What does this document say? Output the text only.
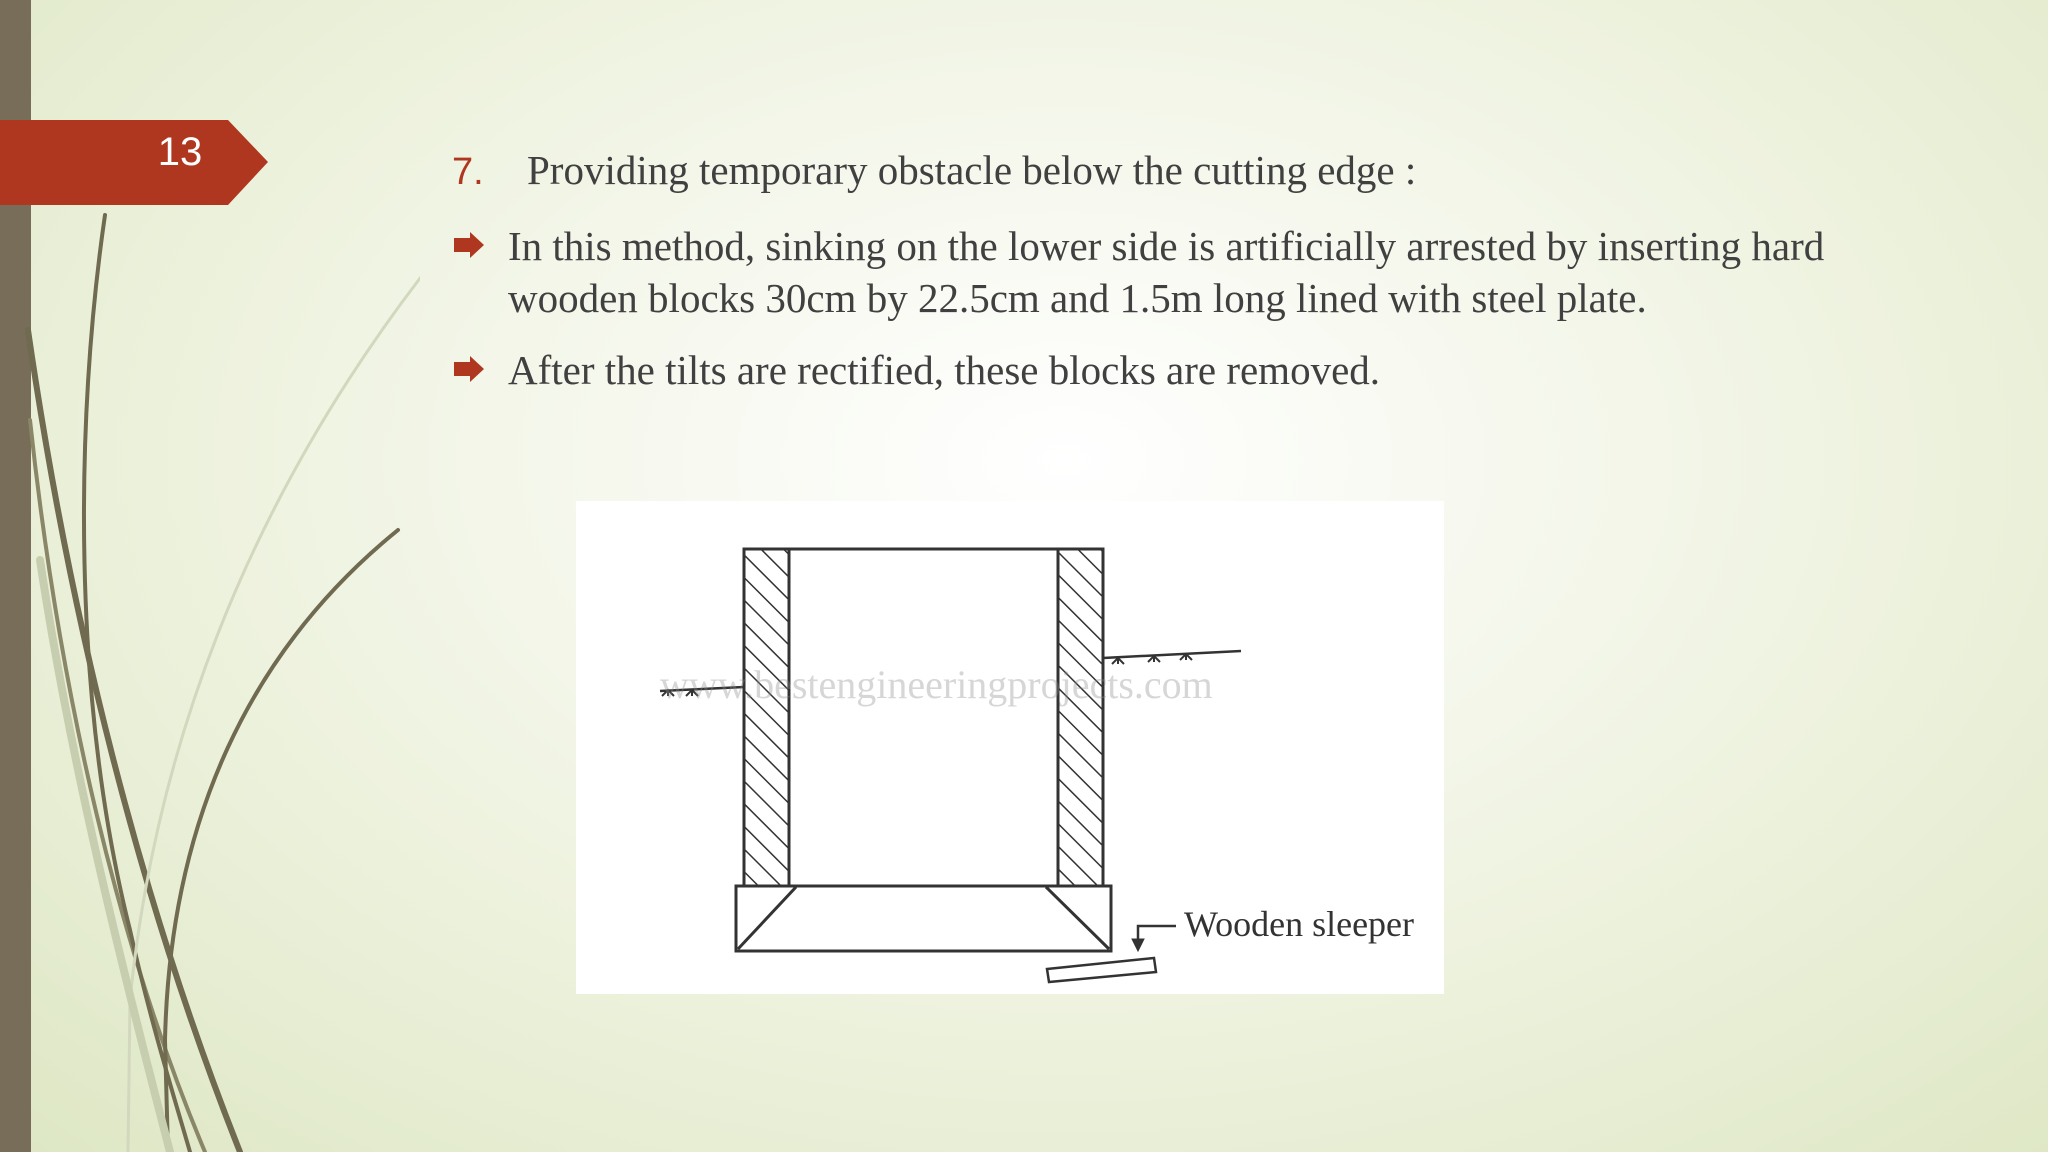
13	7. Providing temporary obstacle below the cutting edge :
In this method, sinking on the lower side is artificially arrested by inserting hard wooden blocks 30cm by 22.5cm and 1.5m long lined with steel plate.
After the tilts are rectified, these blocks are removed.
www.bestengineeringprojects.com
Wooden sleeper
